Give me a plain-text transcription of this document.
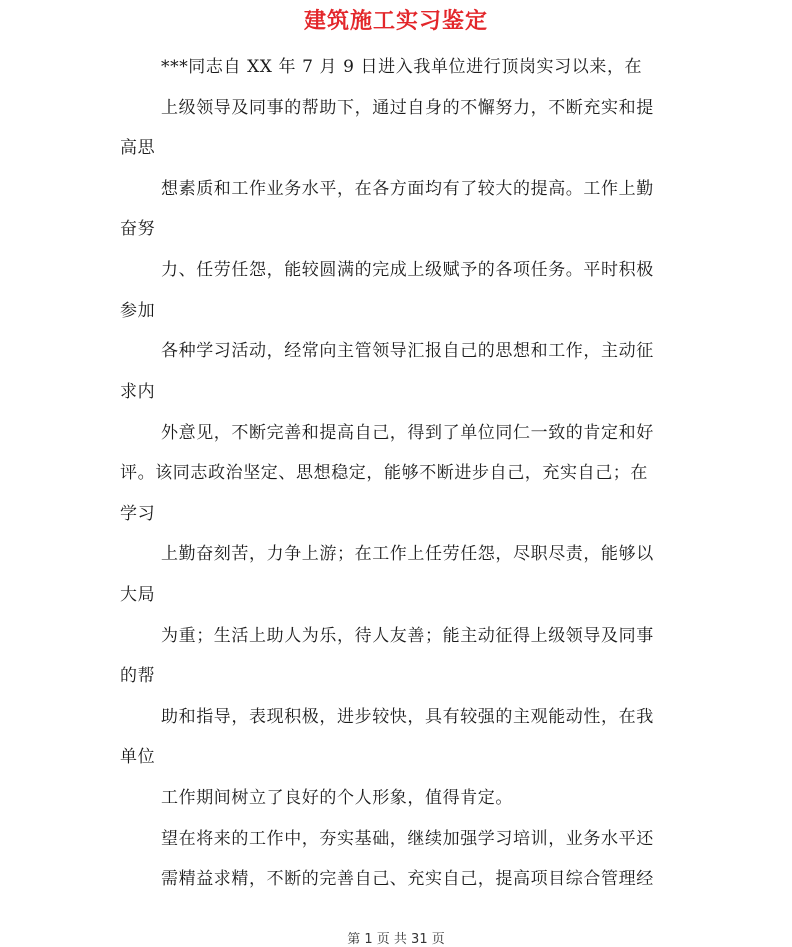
建筑施工实习鉴定
***同志自 XX 年 7 月 9 日进入我单位进行顶岗实习以来，在
上级领导及同事的帮助下，通过自身的不懈努力，不断充实和提
高思
想素质和工作业务水平，在各方面均有了较大的提高。工作上勤
奋努
力、任劳任怨，能较圆满的完成上级赋予的各项任务。平时积极
参加
各种学习活动，经常向主管领导汇报自己的思想和工作，主动征
求内
外意见，不断完善和提高自己，得到了单位同仁一致的肯定和好
评。该同志政治坚定、思想稳定，能够不断进步自己，充实自己；在
学习
上勤奋刻苦，力争上游；在工作上任劳任怨，尽职尽责，能够以
大局
为重；生活上助人为乐，待人友善；能主动征得上级领导及同事
的帮
助和指导，表现积极，进步较快，具有较强的主观能动性，在我
单位
工作期间树立了良好的个人形象，值得肯定。
望在将来的工作中，夯实基础，继续加强学习培训，业务水平还
需精益求精，不断的完善自己、充实自己，提高项目综合管理经
第 1 页 共 31 页
